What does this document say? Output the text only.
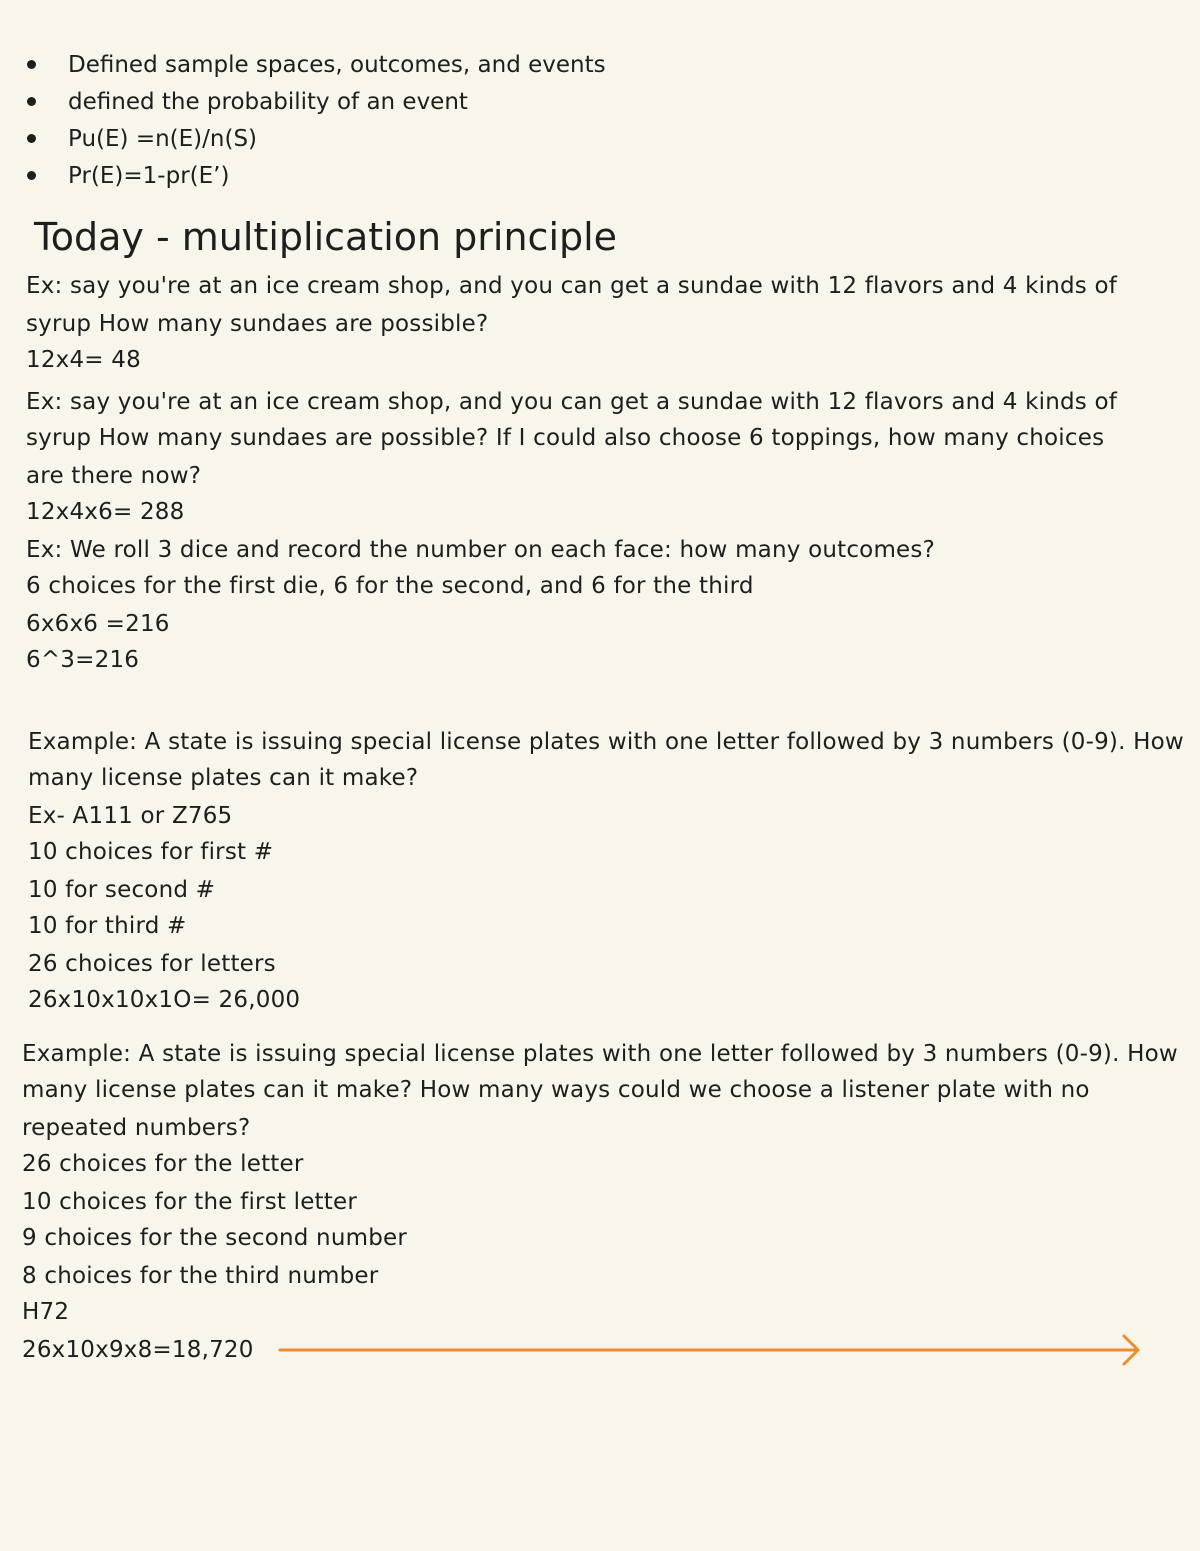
Defined sample spaces, outcomes, and events
defined the probability of an event
Pu(E) =n(E)/n(S)
Pr(E)=1-pr(E’)
Today - multiplication principle
Ex: say you're at an ice cream shop, and you can get a sundae with 12 flavors and 4 kinds of
syrup How many sundaes are possible?
12x4= 48
Ex: say you're at an ice cream shop, and you can get a sundae with 12 flavors and 4 kinds of
syrup How many sundaes are possible? If I could also choose 6 toppings, how many choices
are there now?
12x4x6= 288
Ex: We roll 3 dice and record the number on each face: how many outcomes?
6 choices for the first die, 6 for the second, and 6 for the third
6x6x6 =216
6^3=216
Example: A state is issuing special license plates with one letter followed by 3 numbers (0-9). How
many license plates can it make?
Ex- A111 or Z765
10 choices for first #
10 for second #
10 for third #
26 choices for letters
26x10x10x1O= 26,000
Example: A state is issuing special license plates with one letter followed by 3 numbers (0-9). How
many license plates can it make? How many ways could we choose a listener plate with no
repeated numbers?
26 choices for the letter
10 choices for the first letter
9 choices for the second number
8 choices for the third number
H72
26x10x9x8=18,720
